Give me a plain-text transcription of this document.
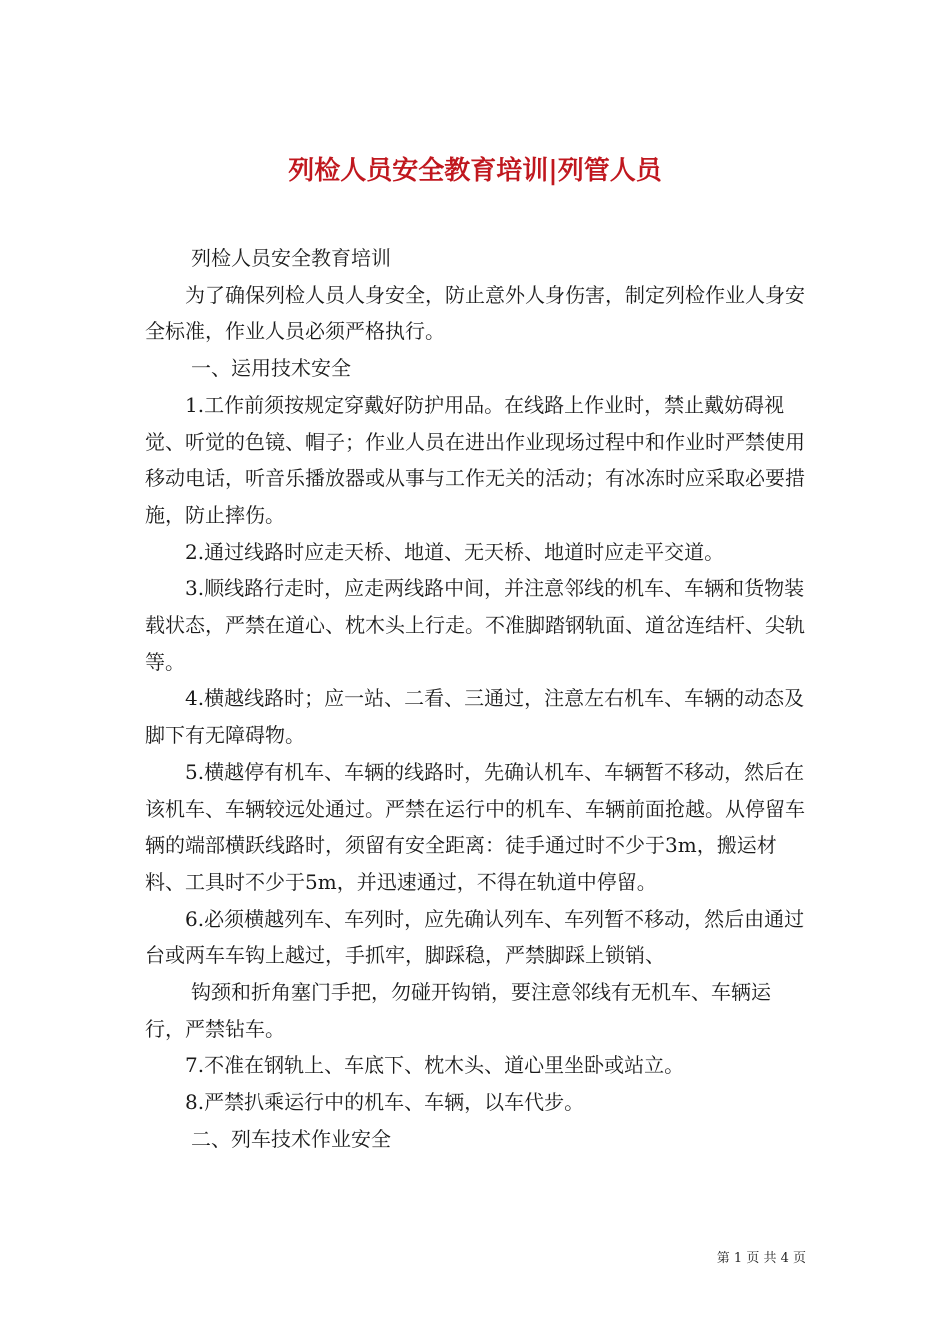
列检人员安全教育培训|列管人员

列检人员安全教育培训

为了确保列检人员人身安全，防止意外人身伤害，制定列检作业人身安全标准，作业人员必须严格执行。

一、运用技术安全

1.工作前须按规定穿戴好防护用品。在线路上作业时，禁止戴妨碍视觉、听觉的色镜、帽子；作业人员在进出作业现场过程中和作业时严禁使用移动电话，听音乐播放器或从事与工作无关的活动；有冰冻时应采取必要措施，防止摔伤。

2.通过线路时应走天桥、地道、无天桥、地道时应走平交道。

3.顺线路行走时，应走两线路中间，并注意邻线的机车、车辆和货物装载状态，严禁在道心、枕木头上行走。不准脚踏钢轨面、道岔连结杆、尖轨等。

4.横越线路时；应一站、二看、三通过，注意左右机车、车辆的动态及脚下有无障碍物。

5.横越停有机车、车辆的线路时，先确认机车、车辆暂不移动，然后在该机车、车辆较远处通过。严禁在运行中的机车、车辆前面抢越。从停留车辆的端部横跃线路时，须留有安全距离：徒手通过时不少于3m，搬运材料、工具时不少于5m，并迅速通过，不得在轨道中停留。

6.必须横越列车、车列时，应先确认列车、车列暂不移动，然后由通过台或两车车钩上越过，手抓牢，脚踩稳，严禁脚踩上锁销、

钩颈和折角塞门手把，勿碰开钩销，要注意邻线有无机车、车辆运行，严禁钻车。

7.不准在钢轨上、车底下、枕木头、道心里坐卧或站立。

8.严禁扒乘运行中的机车、车辆，以车代步。

二、列车技术作业安全

第 1 页 共 4 页
